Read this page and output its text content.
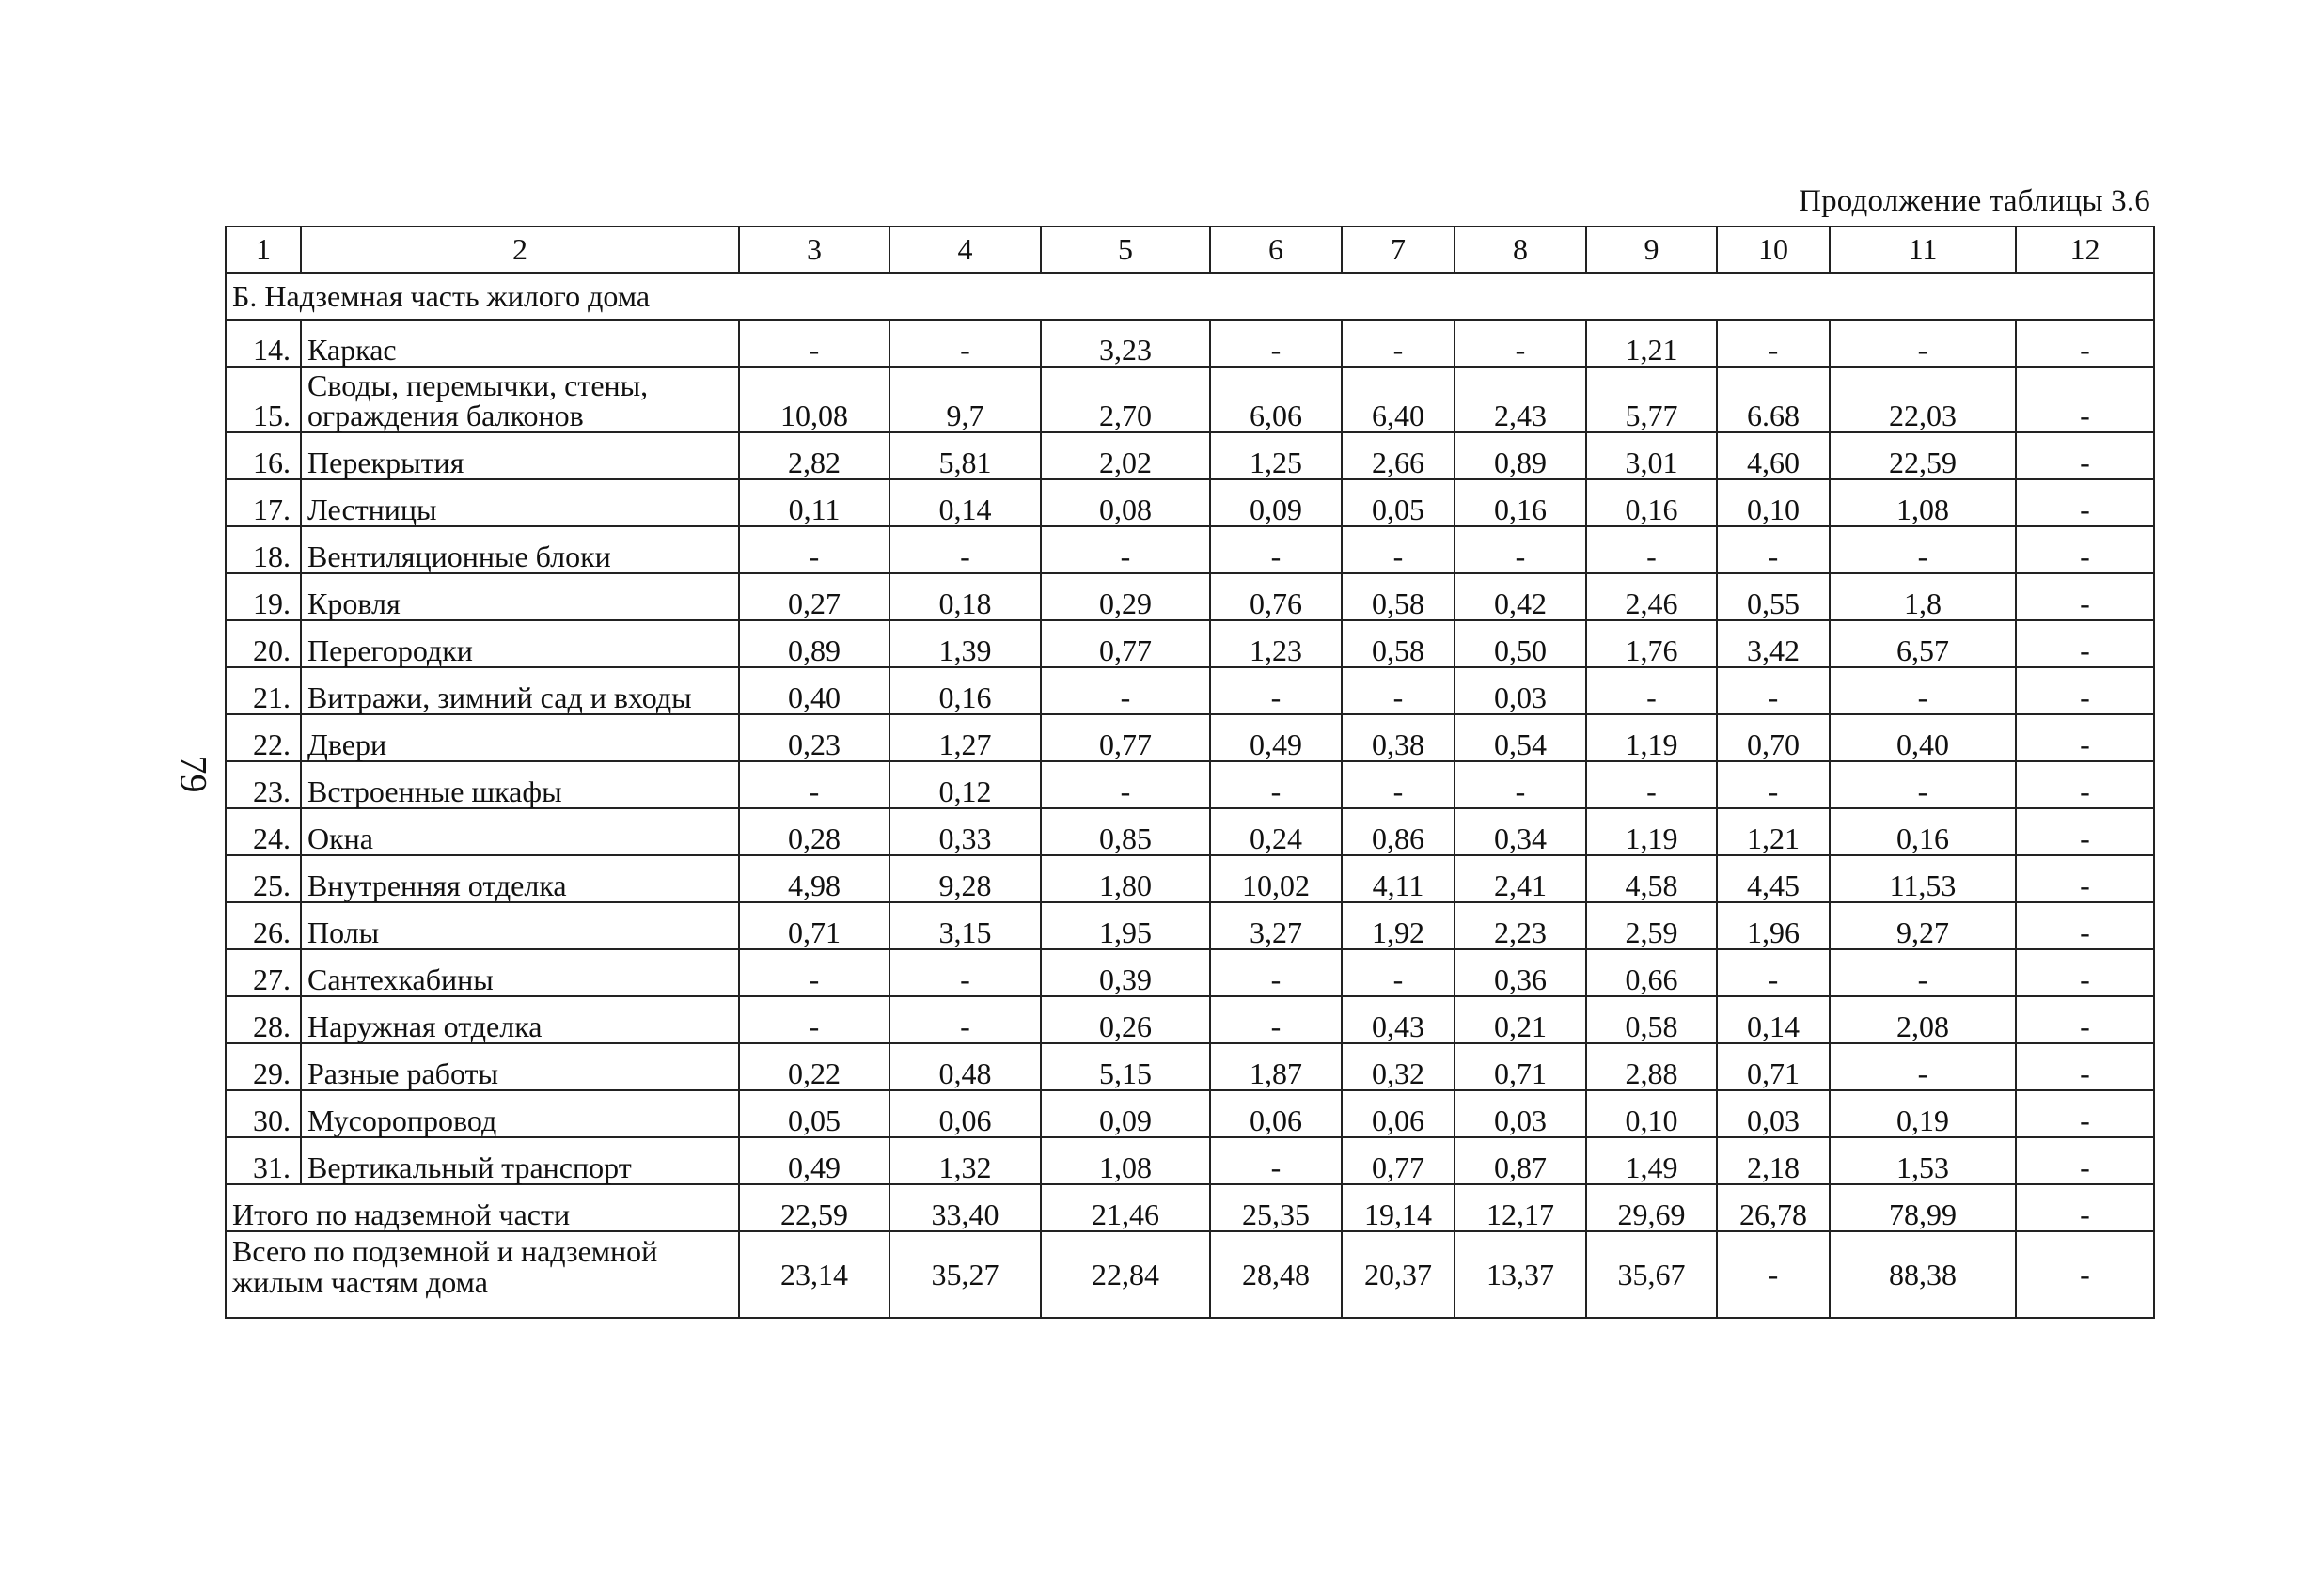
Продолжение таблицы 3.6
79
1	2	3	4	5	6	7	8	9	10	11	12
Б. Надземная часть жилого дома											
14.	Каркас	-	-	3,23	-	-	-	1,21	-	-	-
15.	Своды, перемычки, стены, ограждения балконов	10,08	9,7	2,70	6,06	6,40	2,43	5,77	6.68	22,03	-
16.	Перекрытия	2,82	5,81	2,02	1,25	2,66	0,89	3,01	4,60	22,59	-
17.	Лестницы	0,11	0,14	0,08	0,09	0,05	0,16	0,16	0,10	1,08	-
18.	Вентиляционные блоки	-	-	-	-	-	-	-	-	-	-
19.	Кровля	0,27	0,18	0,29	0,76	0,58	0,42	2,46	0,55	1,8	-
20.	Перегородки	0,89	1,39	0,77	1,23	0,58	0,50	1,76	3,42	6,57	-
21.	Витражи, зимний сад и входы	0,40	0,16	-	-	-	0,03	-	-	-	-
22.	Двери	0,23	1,27	0,77	0,49	0,38	0,54	1,19	0,70	0,40	-
23.	Встроенные шкафы	-	0,12	-	-	-	-	-	-	-	-
24.	Окна	0,28	0,33	0,85	0,24	0,86	0,34	1,19	1,21	0,16	-
25.	Внутренняя отделка	4,98	9,28	1,80	10,02	4,11	2,41	4,58	4,45	11,53	-
26.	Полы	0,71	3,15	1,95	3,27	1,92	2,23	2,59	1,96	9,27	-
27.	Сантехкабины	-	-	0,39	-	-	0,36	0,66	-	-	-
28.	Наружная отделка	-	-	0,26	-	0,43	0,21	0,58	0,14	2,08	-
29.	Разные работы	0,22	0,48	5,15	1,87	0,32	0,71	2,88	0,71	-	-
30.	Мусоропровод	0,05	0,06	0,09	0,06	0,06	0,03	0,10	0,03	0,19	-
31.	Вертикальный транспорт	0,49	1,32	1,08	-	0,77	0,87	1,49	2,18	1,53	-
Итого по надземной части		22,59	33,40	21,46	25,35	19,14	12,17	29,69	26,78	78,99	-
Всего по подземной и надземной жилым частям дома		23,14	35,27	22,84	28,48	20,37	13,37	35,67	-	88,38	-
